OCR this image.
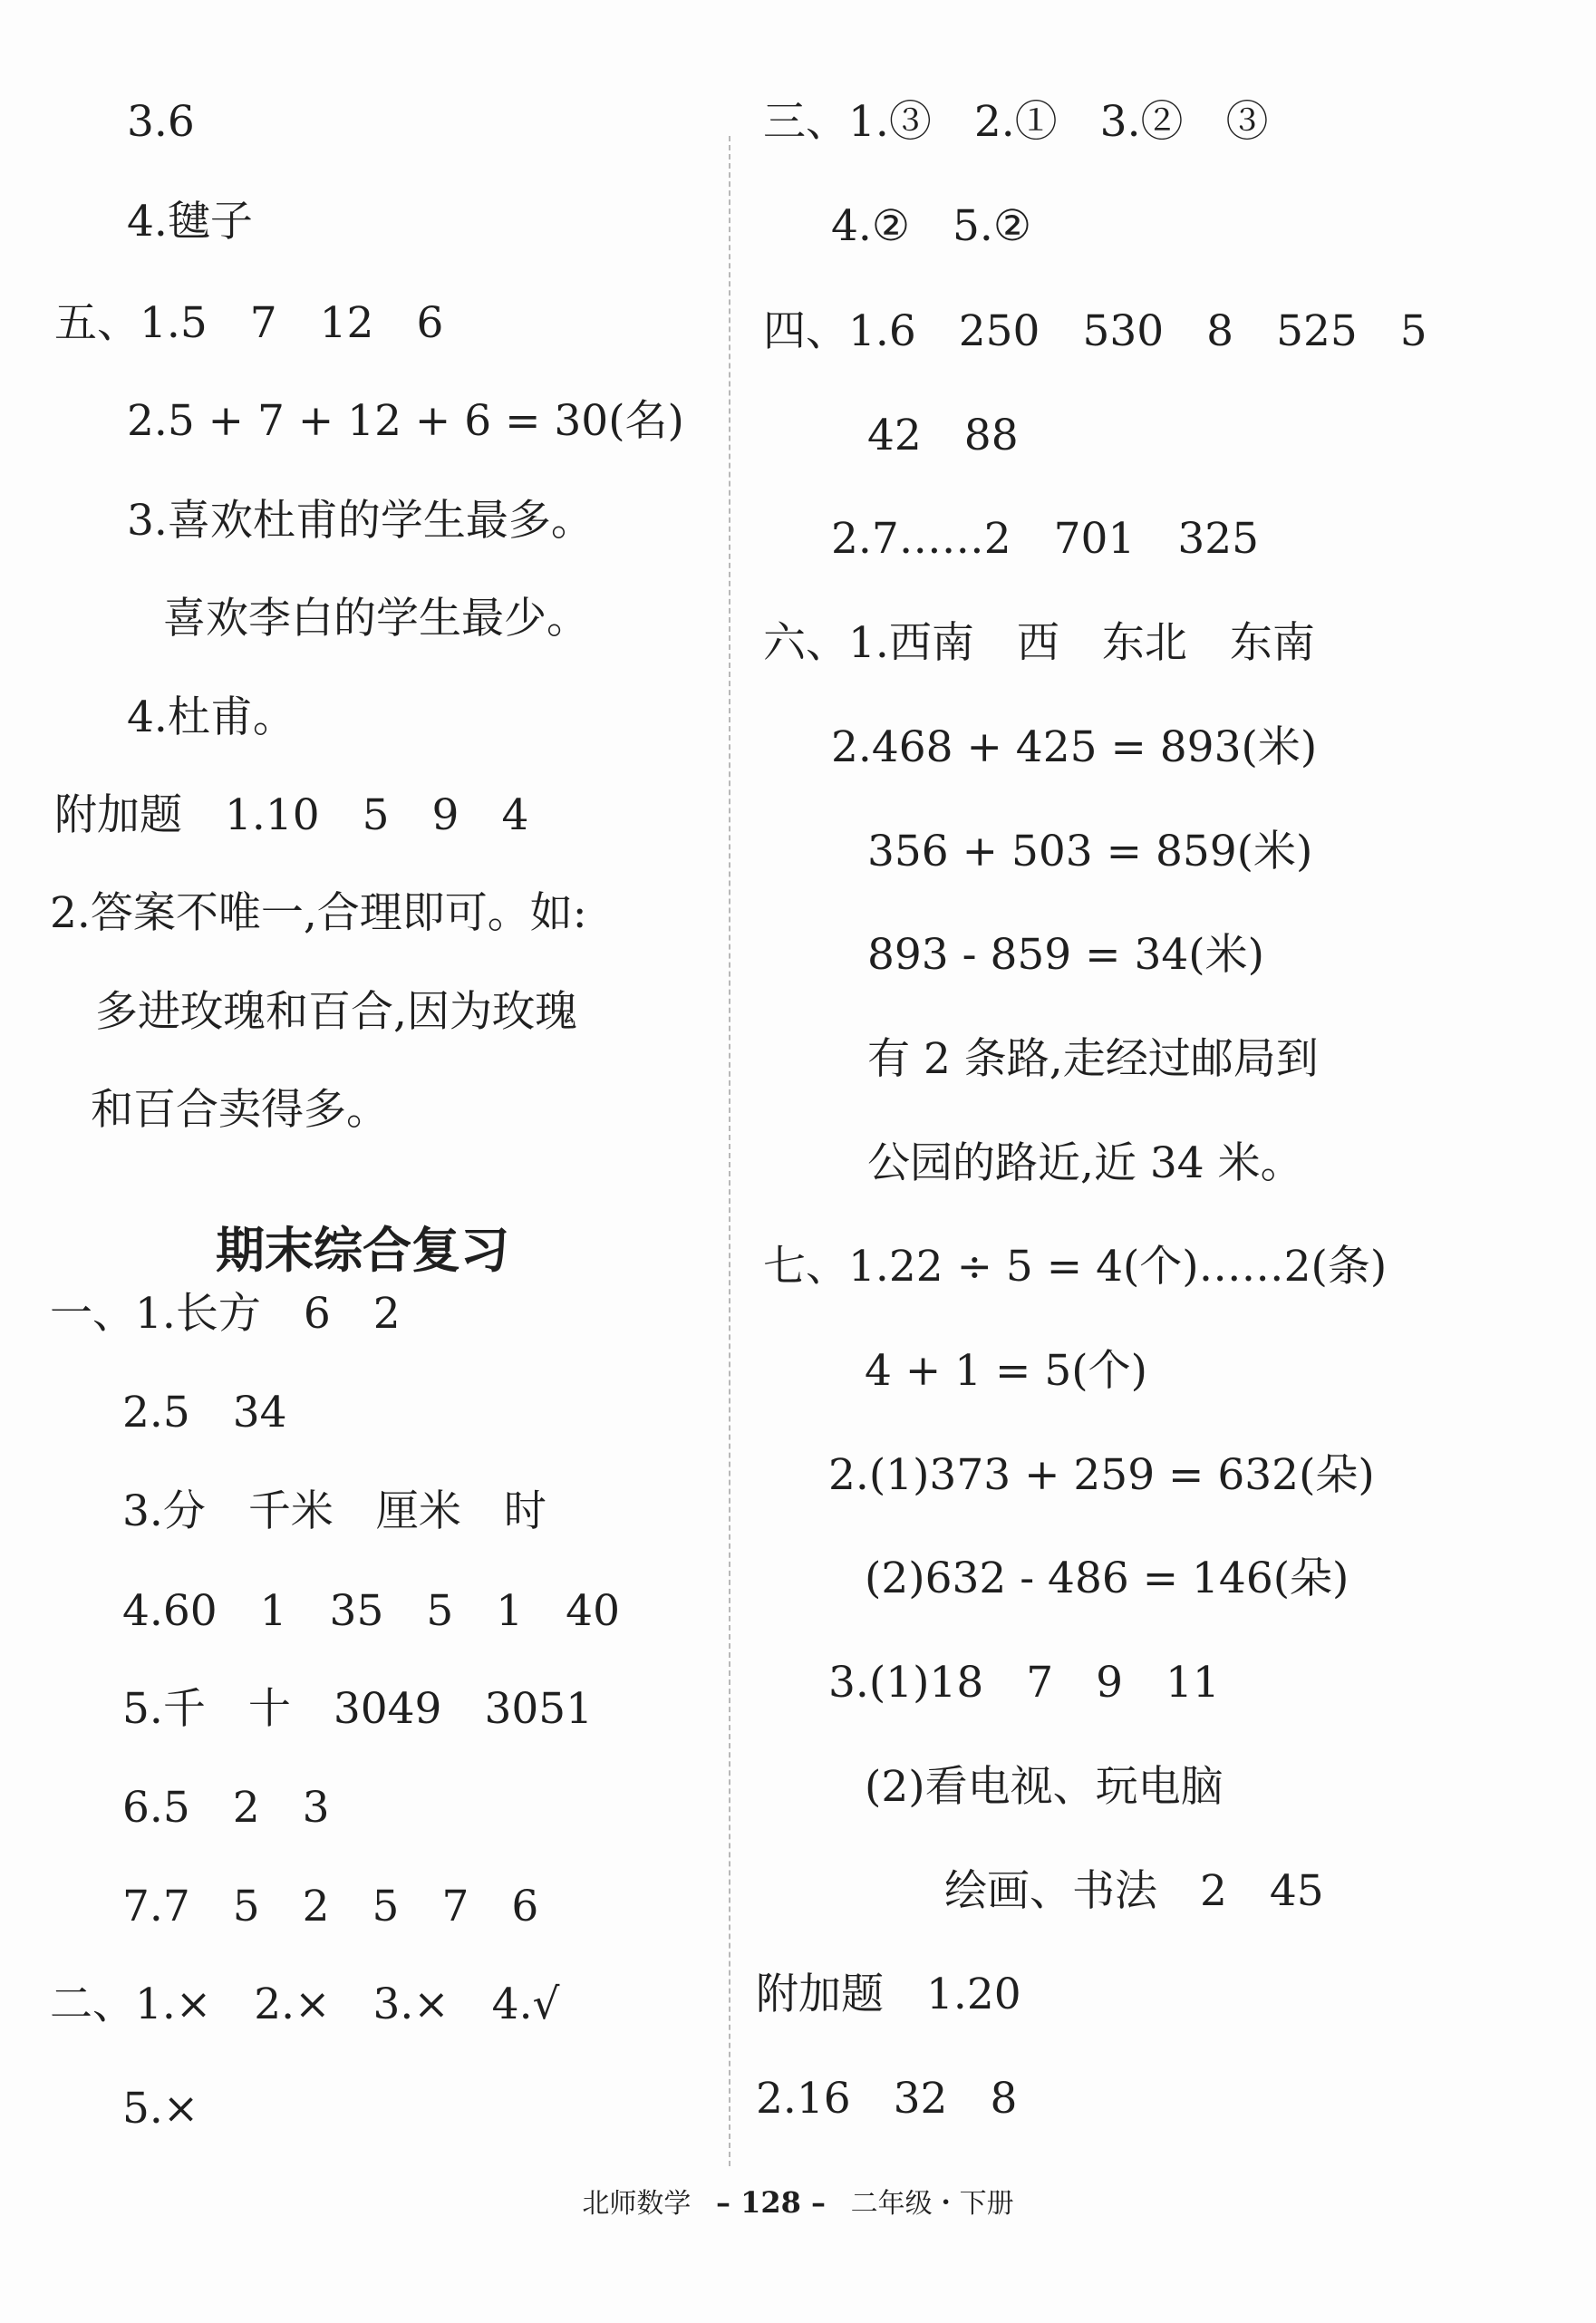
3.6
4.毽子
五、1.5　7　12　6
2.5 + 7 + 12 + 6 = 30(名)
3.喜欢杜甫的学生最多。
喜欢李白的学生最少。
4.杜甫。
附加题　1.10　5　9　4
2.答案不唯一,合理即可。如:
多进玫瑰和百合,因为玫瑰
和百合卖得多。
一、1.长方　6　2
2.5　34
3.分　千米　厘米　时
4.60　1　35　5　1　40
5.千　十　3049　3051
6.5　2　3
7.7　5　2　5　7　6
二、1.×　2.×　3.×　4.√
5.×
三、1.③　2.①　3.②　③
4.②　5.②
四、1.6　250　530　8　525　5
42　88
2.7……2　701　325
六、1.西南　西　东北　东南
2.468 + 425 = 893(米)
356 + 503 = 859(米)
893 - 859 = 34(米)
有 2 条路,走经过邮局到
公园的路近,近 34 米。
七、1.22 ÷ 5 = 4(个)……2(条)
4 + 1 = 5(个)
2.(1)373 + 259 = 632(朵)
(2)632 - 486 = 146(朵)
3.(1)18　7　9　11
(2)看电视、玩电脑
绘画、书法　2　45
附加题　1.20
2.16　32　8
期末综合复习
北师数学 – 128 – 二年级・下册
